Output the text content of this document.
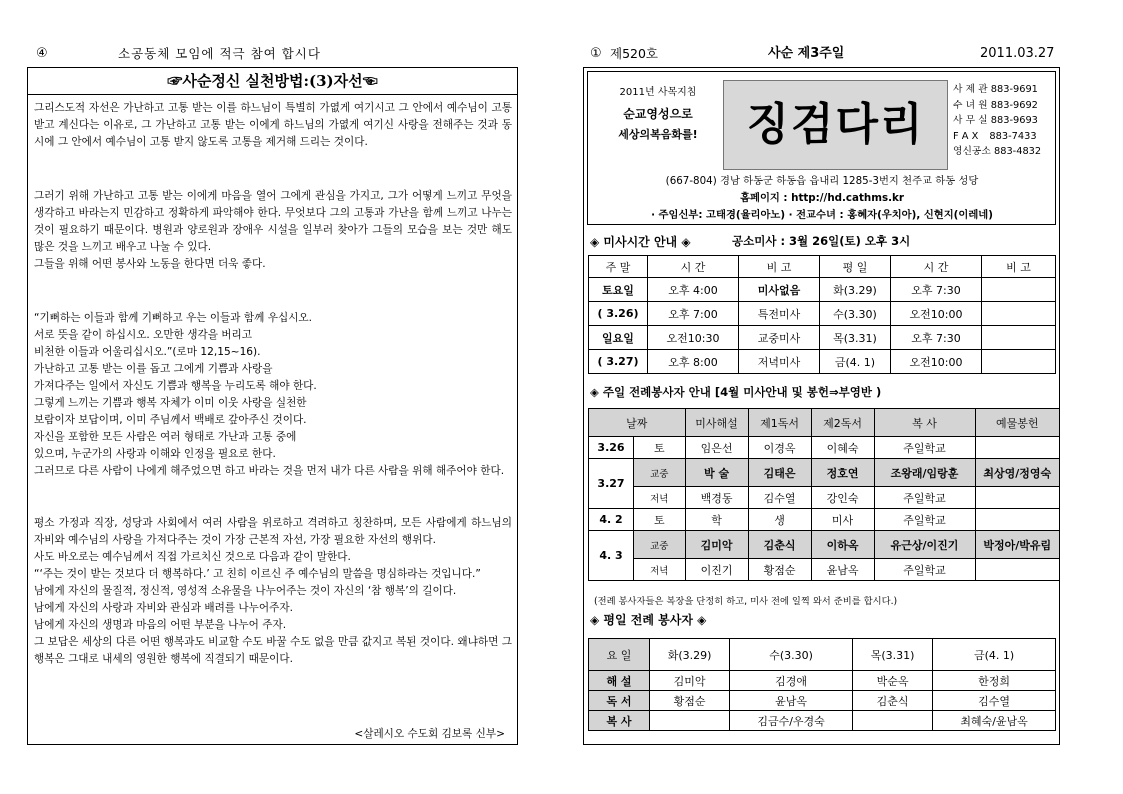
④	소공동체 모임에 적극 참여 합시다
☞사순정신 실천방법:(3)자선☜

그리스도적 자선은 가난하고 고통 받는 이를 하느님이 특별히 가엾게 여기시고 그 안에서 예수님이 고통 받고 계신다는 이유로, 그 가난하고 고통 받는 이에게 하느님의 가엾게 여기신 사랑을 전해주는 것과 동시에 그 안에서 예수님이 고통 받지 않도록 고통을 제거해 드리는 것이다.

그러기 위해 가난하고 고통 받는 이에게 마음을 열어 그에게 관심을 가지고, 그가 어떻게 느끼고 무엇을 생각하고 바라는지 민감하고 정확하게 파악해야 한다. 무엇보다 그의 고통과 가난을 함께 느끼고 나누는 것이 필요하기 때문이다. 병원과 양로원과 장애우 시설을 일부러 찾아가 그들의 모습을 보는 것만 해도 많은 것을 느끼고 배우고 나눌 수 있다.
그들을 위해 어떤 봉사와 노동을 한다면 더욱 좋다.

“기뻐하는 이들과 함께 기뻐하고 우는 이들과 함께 우십시오.
서로 뜻을 같이 하십시오. 오만한 생각을 버리고
비천한 이들과 어울리십시오.”(로마 12,15~16).
가난하고 고통 받는 이를 돕고 그에게 기쁨과 사랑을
가져다주는 일에서 자신도 기쁨과 행복을 누리도록 해야 한다.
그렇게 느끼는 기쁨과 행복 자체가 이미 이웃 사랑을 실천한
보람이자 보답이며, 이미 주님께서 백배로 갚아주신 것이다.
자신을 포함한 모든 사람은 여러 형태로 가난과 고통 중에
있으며, 누군가의 사랑과 이해와 인정을 필요로 한다.
그러므로 다른 사람이 나에게 해주었으면 하고 바라는 것을 먼저 내가 다른 사람을 위해 해주어야 한다.

평소 가정과 직장, 성당과 사회에서 여러 사람을 위로하고 격려하고 칭찬하며, 모든 사람에게 하느님의 자비와 예수님의 사랑을 가져다주는 것이 가장 근본적 자선, 가장 필요한 자선의 행위다.
사도 바오로는 예수님께서 직접 가르치신 것으로 다음과 같이 말한다.
“‘주는 것이 받는 것보다 더 행복하다.’ 고 친히 이르신 주 예수님의 말씀을 명심하라는 것입니다.”
남에게 자신의 물질적, 정신적, 영성적 소유물을 나누어주는 것이 자신의 ‘참 행복’의 길이다.
남에게 자신의 사랑과 자비와 관심과 배려를 나누어주자.
남에게 자신의 생명과 마음의 어떤 부분을 나누어 주자.
그 보답은 세상의 다른 어떤 행복과도 비교할 수도 바꿀 수도 없을 만큼 값지고 복된 것이다. 왜냐하면 그 행복은 그대로 내세의 영원한 행복에 직결되기 때문이다.

<살레시오 수도회 김보록 신부>
① 제520호	사순 제3주일	2011.03.27
2011년 사목지침
순교영성으로
세상의복음화를!	징검다리
사 제 관 883-9691
수 녀 원 883-9692
사 무 실 883-9693
F A X 883-7433
영신공소 883-4832
(667-804) 경남 하동군 하동읍 읍내리 1285-3번지 천주교 하동 성당
홈페이지 : http://hd.cathms.kr
· 주임신부: 고태경(율리아노) · 전교수녀 : 홍혜자(우치아), 신현지(이레네)
◈ 미사시간 안내 ◈	공소미사 : 3월 26일(토) 오후 3시
주 말	시 간	비 고	평 일	시 간	비 고
토요일	오후 4:00	미사없음	화(3.29)	오후 7:30	
( 3.26)	오후 7:00	특전미사	수(3.30)	오전10:00	
일요일	오전10:30	교중미사	목(3.31)	오후 7:30	
( 3.27)	오후 8:00	저녁미사	금(4. 1)	오전10:00	
◈ 주일 전례봉사자 안내 [4월 미사안내 및 봉헌⇒부영반 )
날짜		미사해설	제1독서	제2독서	복 사	예물봉헌
3.26	토	임은선	이경옥	이혜숙	주일학교	
3.27	교중	박 술	김태은	정호연	조왕래/임랑훈	최상영/정영숙
	저녁	백경동	김수열	강인숙	주일학교	
4. 2	토	학	생	미사	주일학교	
4. 3	교중	김미악	김춘식	이하옥	유근상/이진기	박정아/박유림
	저녁	이진기	황점순	윤남옥	주일학교	
(전례 봉사자들은 복장을 단정히 하고, 미사 전에 일찍 와서 준비를 합시다.)
◈ 평일 전례 봉사자 ◈
요 일	화(3.29)	수(3.30)	목(3.31)	금(4. 1)
해 설	김미악	김경애	박순옥	한정희
독 서	황점순	윤남옥	김춘식	김수열
복 사		김금수/우경숙		최혜숙/윤남옥
